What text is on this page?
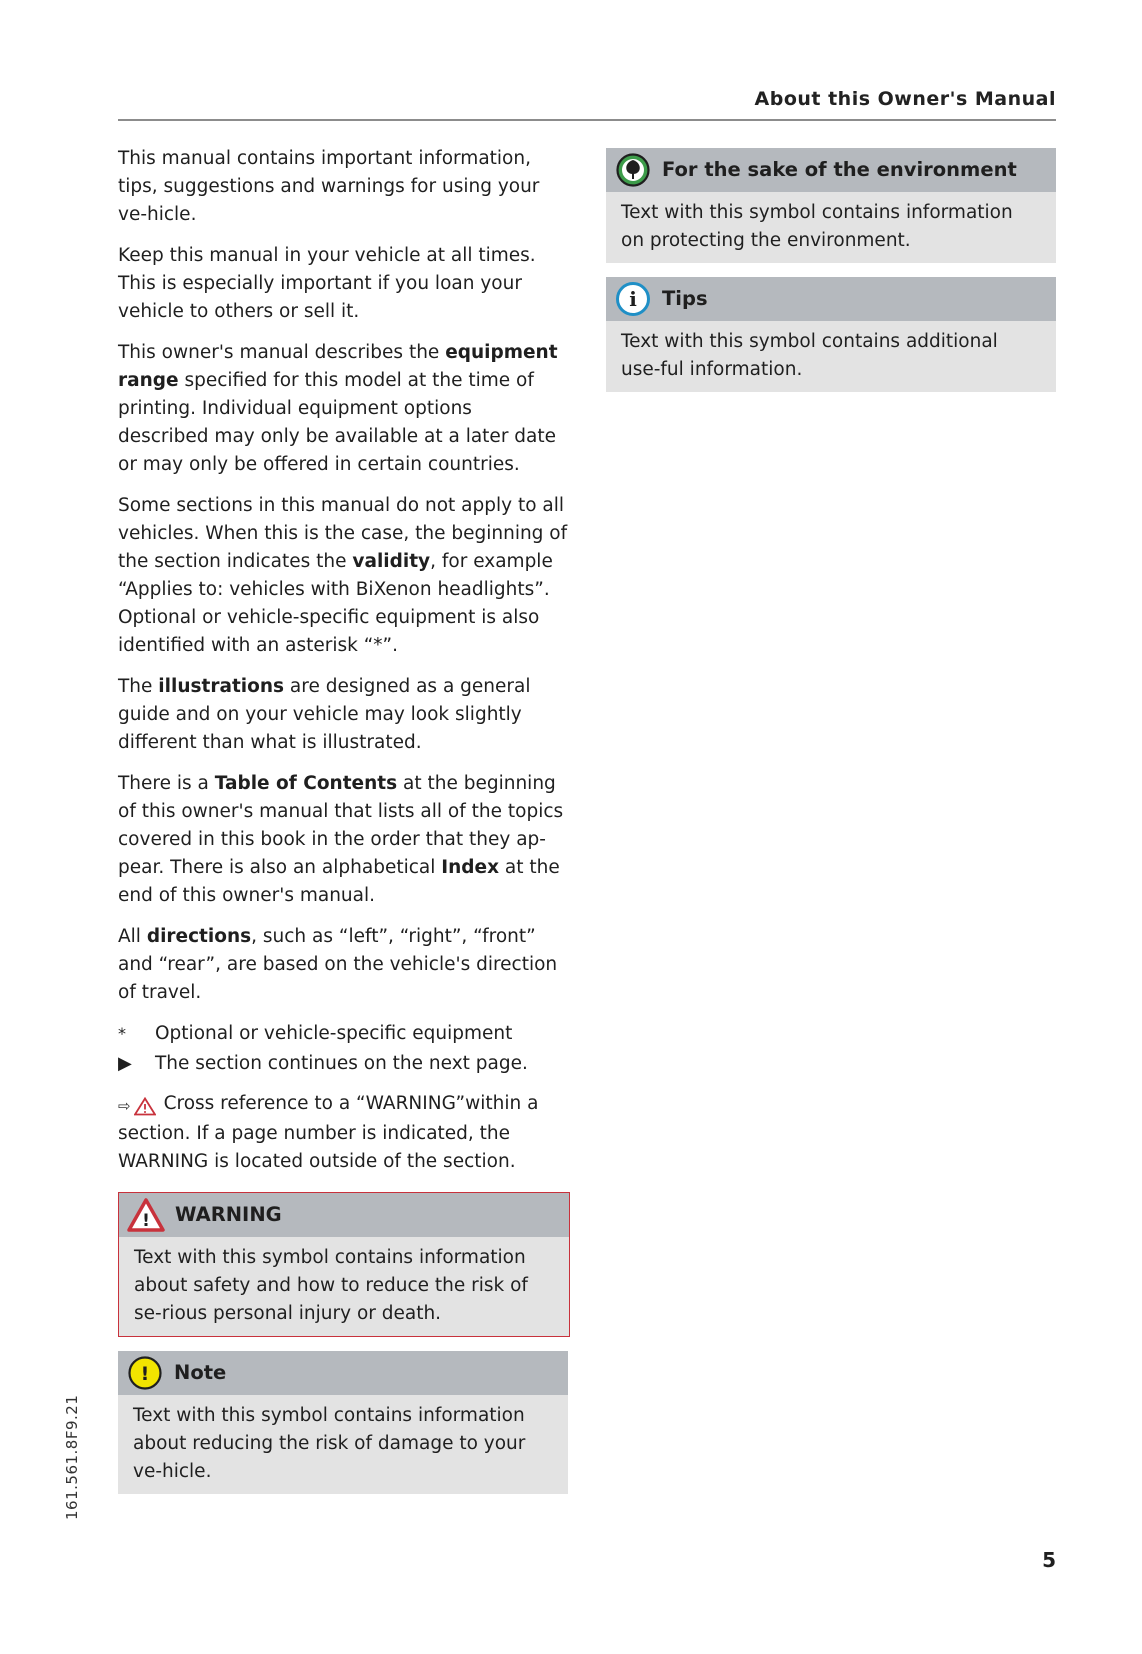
About this Owner's Manual

This manual contains important information, tips, suggestions and warnings for using your ve-hicle.

Keep this manual in your vehicle at all times. This is especially important if you loan your vehicle to others or sell it.

This owner's manual describes the equipment range specified for this model at the time of printing. Individual equipment options described may only be available at a later date or may only be offered in certain countries.

Some sections in this manual do not apply to all vehicles. When this is the case, the beginning of the section indicates the validity, for example “Applies to: vehicles with BiXenon headlights”. Optional or vehicle-specific equipment is also identified with an asterisk “*”.

The illustrations are designed as a general guide and on your vehicle may look slightly different than what is illustrated.

There is a Table of Contents at the beginning of this owner's manual that lists all of the topics covered in this book in the order that they ap-pear. There is also an alphabetical Index at the end of this owner's manual.

All directions, such as “left”, “right”, “front” and “rear”, are based on the vehicle's direction of travel.

*	Optional or vehicle-specific equipment
▶	The section continues on the next page.
⇨ Cross reference to a “WARNING”within a section. If a page number is indicated, the WARNING is located outside of the section.
! WARNING
Text with this symbol contains information about safety and how to reduce the risk of se-rious personal injury or death.
! Note
Text with this symbol contains information about reducing the risk of damage to your ve-hicle.
For the sake of the environment
Text with this symbol contains information on protecting the environment.
i Tips
Text with this symbol contains additional use-ful information.
161.561.8F9.21
5
